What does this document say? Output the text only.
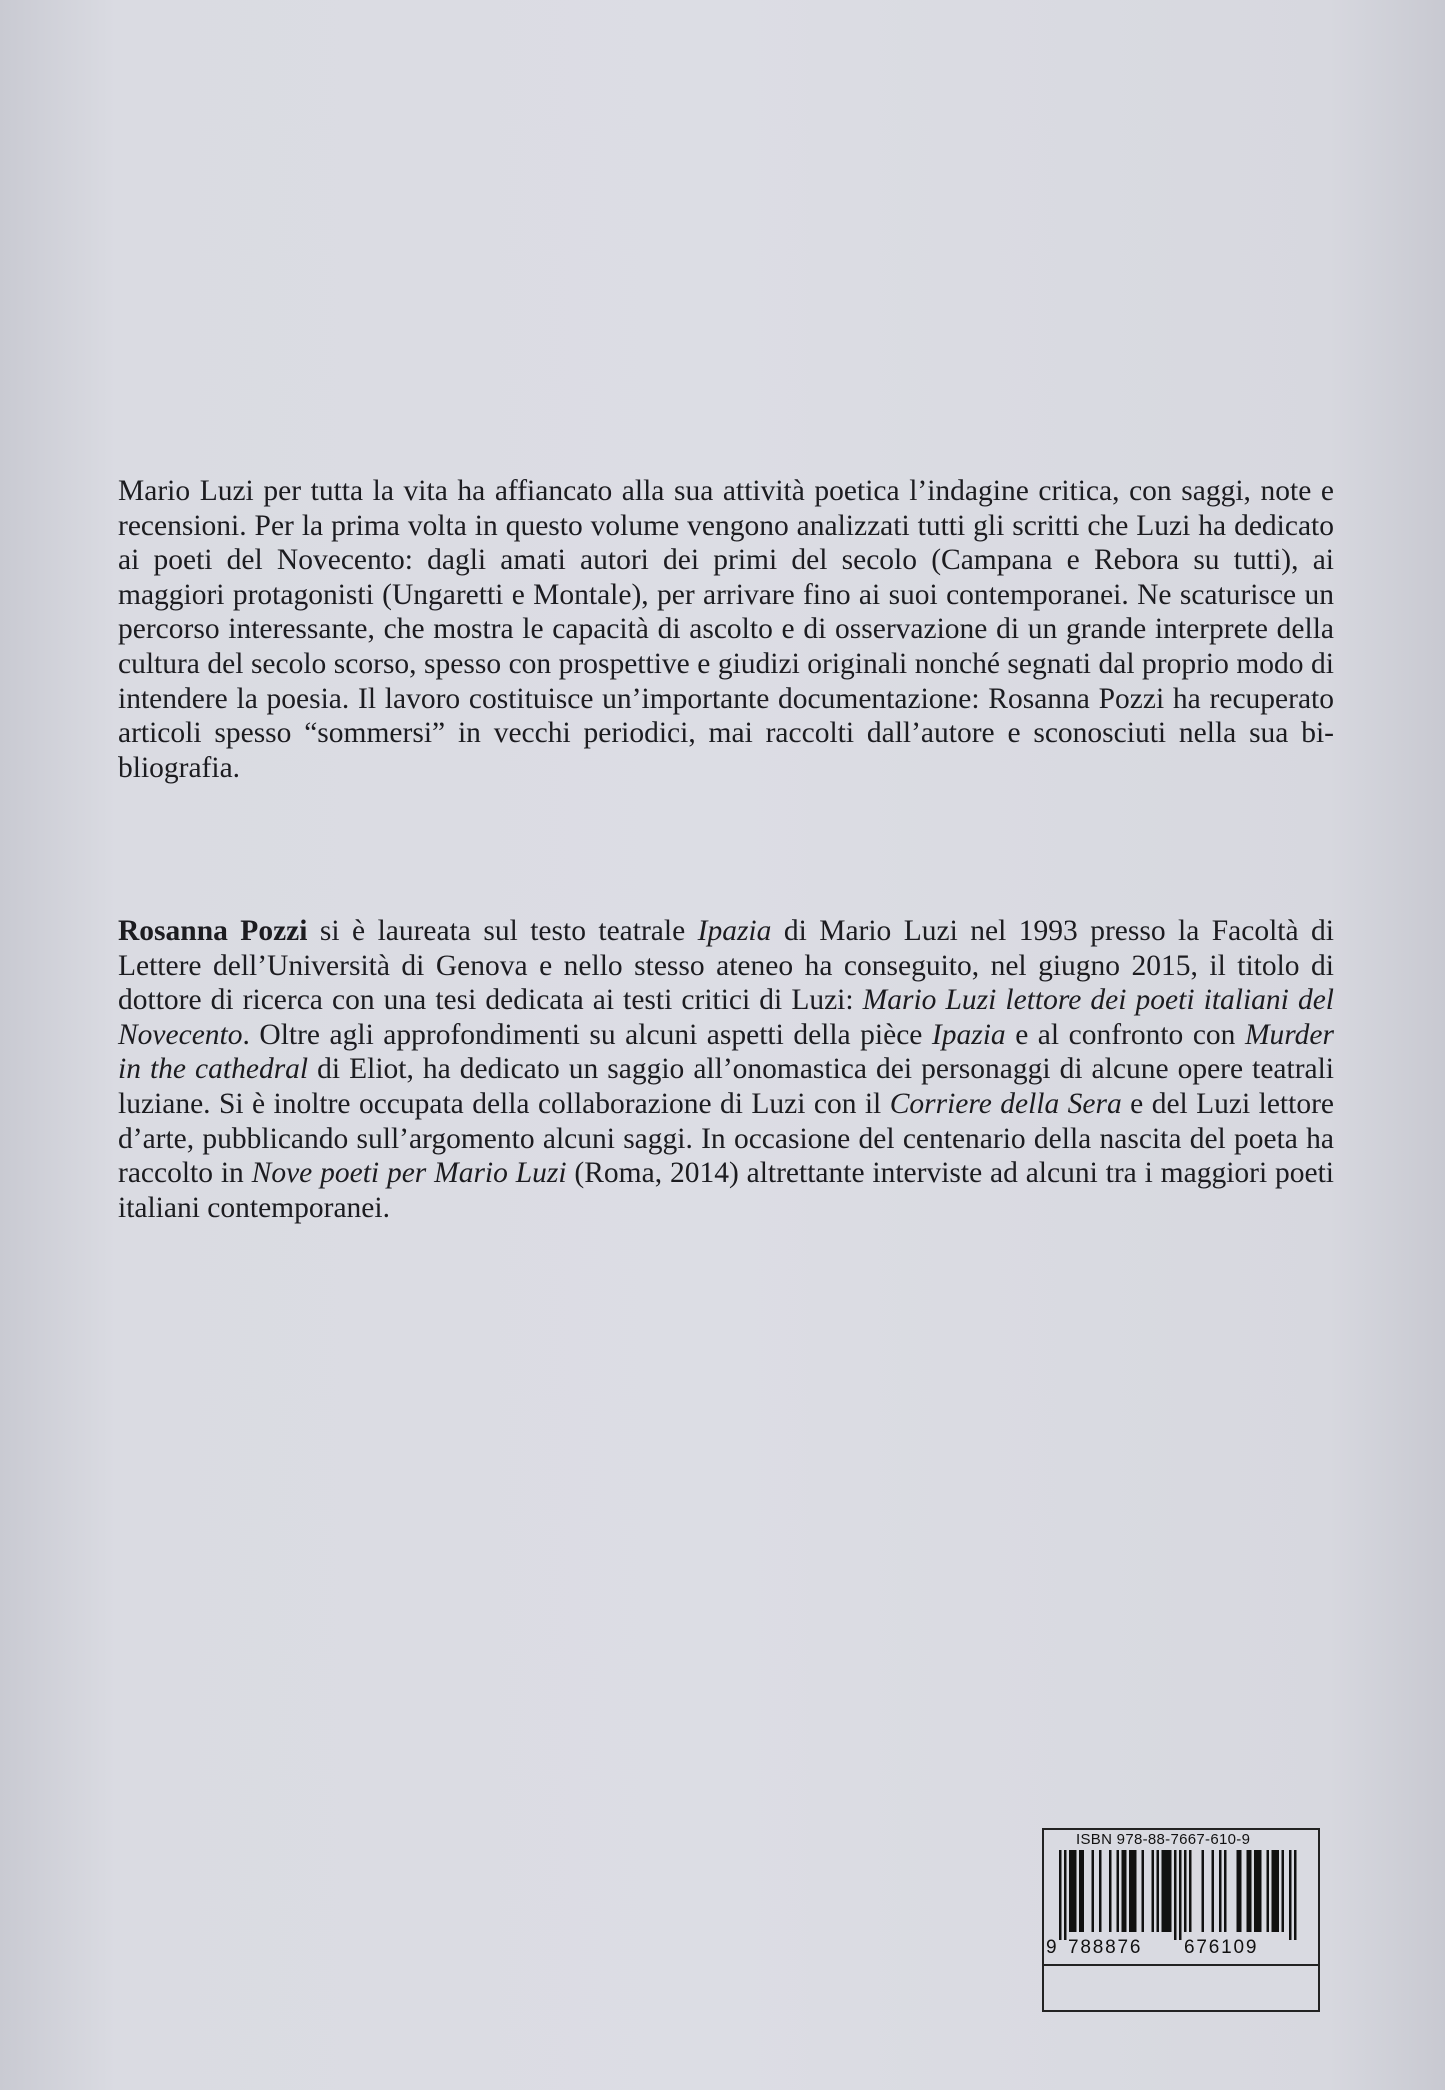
Mario Luzi per tutta la vita ha affiancato alla sua attività poetica l’indagine critica, con saggi, note e recensioni. Per la prima volta in questo volume vengono analizzati tutti gli scritti che Luzi ha dedicato ai poeti del Novecento: dagli amati autori dei primi del secolo (Campana e Rebora su tutti), ai maggiori protagonisti (Ungaretti e Montale), per arrivare fino ai suoi contemporanei. Ne scaturisce un percorso interessante, che mostra le capacità di ascolto e di osservazione di un grande interprete della cultura del secolo scorso, spesso con prospettive e giudizi originali nonché segnati dal proprio modo di intendere la poesia. Il lavoro costituisce un’importante documentazione: Rosanna Pozzi ha recuperato articoli spesso “sommersi” in vecchi periodici, mai raccolti dall’autore e sconosciuti nella sua bibliografia.

Rosanna Pozzi si è laureata sul testo teatrale Ipazia di Mario Luzi nel 1993 presso la Facoltà di Lettere dell’Università di Genova e nello stesso ateneo ha conseguito, nel giugno 2015, il titolo di dottore di ricerca con una tesi dedicata ai testi critici di Luzi: Mario Luzi lettore dei poeti italiani del Novecento. Oltre agli approfondimenti su alcuni aspetti della pièce Ipazia e al confronto con Murder in the cathedral di Eliot, ha dedicato un saggio all’onomastica dei personaggi di alcune opere teatrali luziane. Si è inoltre occupata della collaborazione di Luzi con il Corriere della Sera e del Luzi lettore d’arte, pubblicando sull’argomento alcuni saggi. In occasione del centenario della nascita del poeta ha raccolto in Nove poeti per Mario Luzi (Roma, 2014) altrettante interviste ad alcuni tra i maggiori poeti italiani contemporanei.

ISBN 978-88-7667-610-9
9 788876 676109
